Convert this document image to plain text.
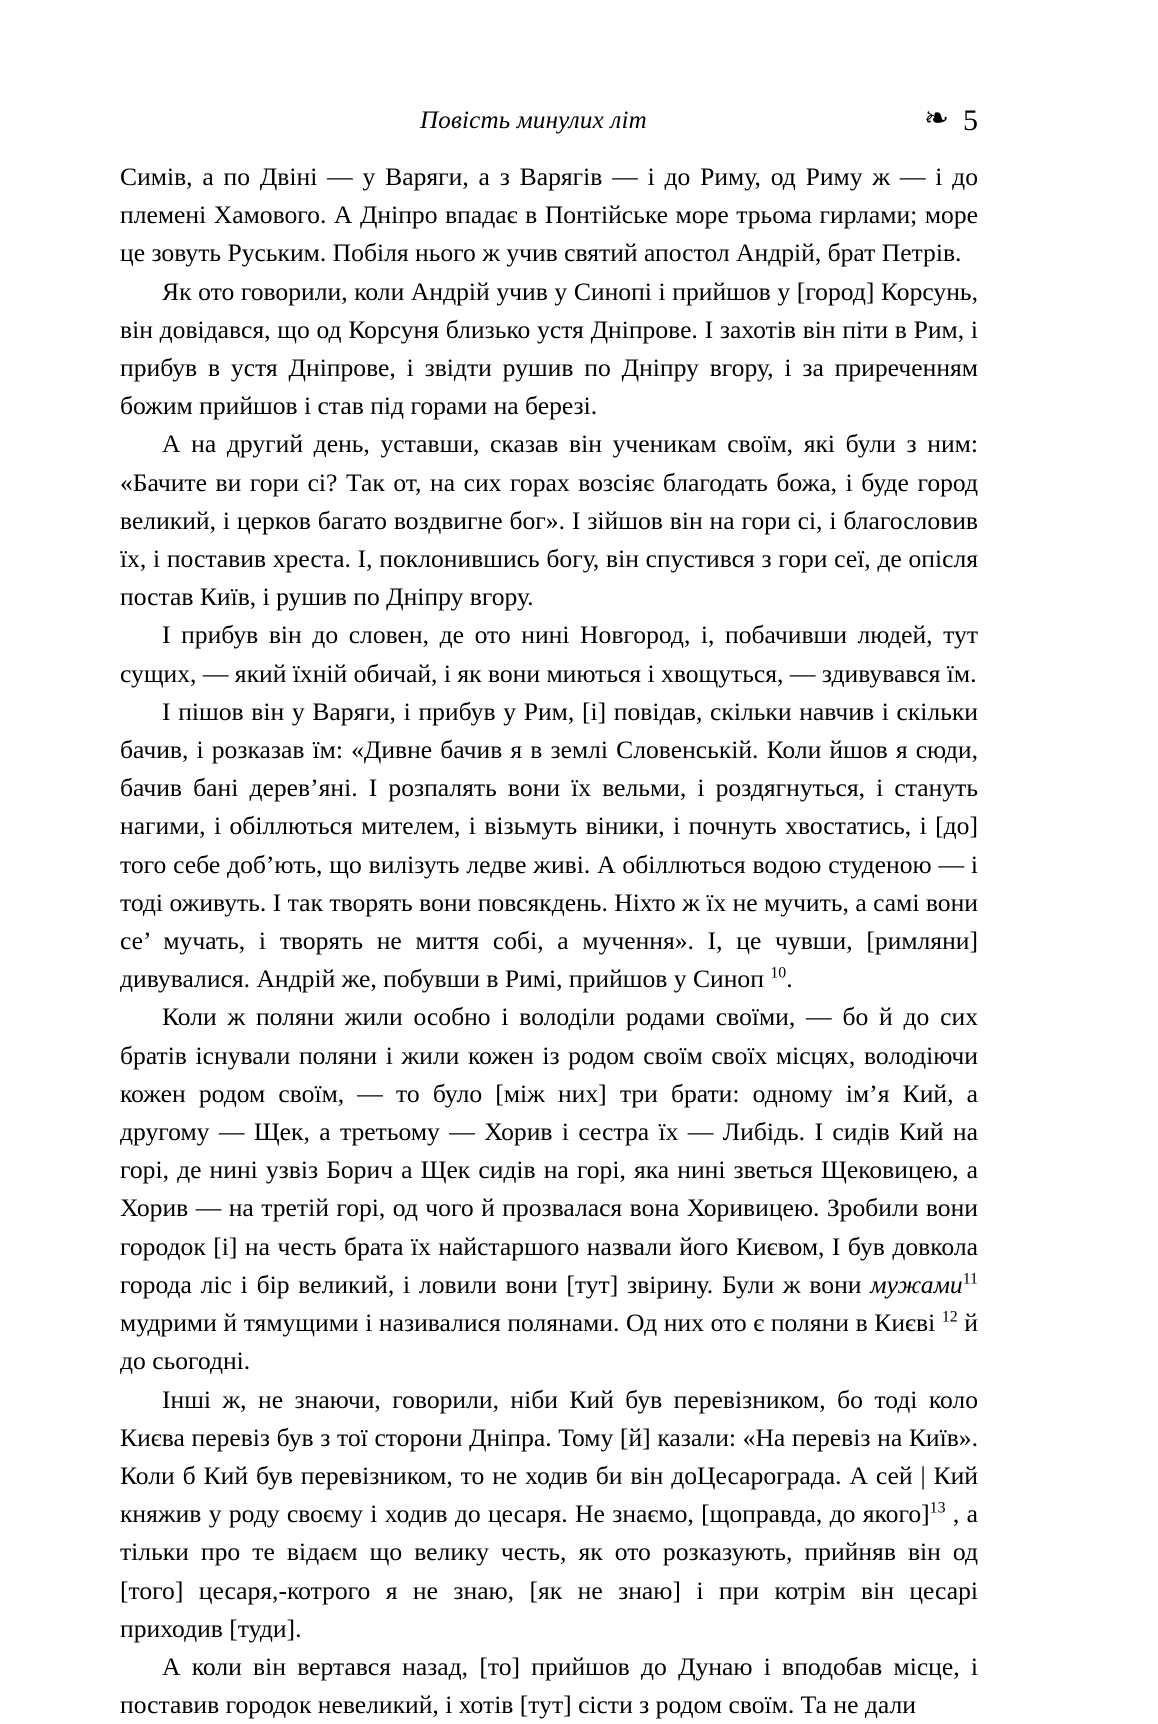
Повість минулих літ	❧ 5

Симів, а по Двіні — у Варяги, а з Варягів — і до Риму, од Риму ж — і до племені Хамового. А Дніпро впадає в Понтійське море трьома гирлами; море це зовуть Руським. Побіля нього ж учив святий апостол Андрій, брат Петрів.

Як ото говорили, коли Андрій учив у Синопі і прийшов у [город] Корсунь, він довідався, що од Корсуня близько устя Дніпрове. І захотів він піти в Рим, і прибув в устя Дніпрове, і звідти рушив по Дніпру вгору, і за приреченням божим прийшов і став під горами на березі.

А на другий день, уставши, сказав він ученикам своїм, які були з ним: «Бачите ви гори сі? Так от, на сих горах возсіяє благодать божа, і буде город великий, і церков багато воздвигне бог». І зійшов він на гори сі, і благословив їх, і поставив хреста. І, поклонившись богу, він спустився з гори сеї, де опісля постав Київ, і рушив по Дніпру вгору.

І прибув він до словен, де ото нині Новгород, і, побачивши людей, тут сущих, — який їхній обичай, і як вони миються і хвощуться, — здивувався їм.

І пішов він у Варяги, і прибув у Рим, [і] повідав, скільки навчив і скільки бачив, і розказав їм: «Дивне бачив я в землі Словенській. Коли йшов я сюди, бачив бані дерев’яні. І розпалять вони їх вельми, і роздягнуться, і стануть нагими, і обіллються мителем, і візьмуть віники, і почнуть хвостатись, і [до] того себе доб’ють, що вилізуть ледве живі. А обіллються водою студеною — і тоді оживуть. І так творять вони повсякдень. Ніхто ж їх не мучить, а самі вони се’ мучать, і творять не миття собі, а мучення». І, це чувши, [римляни] дивувалися. Андрій же, побувши в Римі, прийшов у Синоп $^{10}$.

Коли ж поляни жили особно і володіли родами своїми, — бо й до сих братів існували поляни і жили кожен із родом своїм своїх місцях, володіючи кожен родом своїм, — то було [між них] три брати: одному ім’я Кий, а другому — Щек, а третьому — Хорив і сестра їх — Либідь. І сидів Кий на горі, де нині узвіз Борич а Щек сидів на горі, яка нині зветься Щековицею, а Хорив — на третій горі, од чого й прозвалася вона Хоривицею. Зробили вони городок [і] на честь брата їх найстаршого назвали його Києвом, І був довкола города ліс і бір великий, і ловили вони [тут] звірину. Були ж вони мужами$^{11}$ мудрими й тямущими і називалися полянами. Од них ото є поляни в Києві $^{12}$ й до сьогодні.

Інші ж, не знаючи, говорили, ніби Кий був перевізником, бо тоді коло Києва перевіз був з тої сторони Дніпра. Тому [й] казали: «На перевіз на Київ». Коли б Кий був перевізником, то не ходив би він доЦесарограда. А сей | Кий княжив у роду своєму і ходив до цесаря. Не знаємо, [щоправда, до якого]$^{13}$ , а тільки про те відаєм що велику честь, як ото розказують, прийняв він од [того] цесаря,-котрого я не знаю, [як не знаю] і при котрім він цесарі приходив [туди].

А коли він вертався назад, [то] прийшов до Дунаю і вподобав місце, і поставив городок невеликий, і хотів [тут] сісти з родом своїм. Та не дали
